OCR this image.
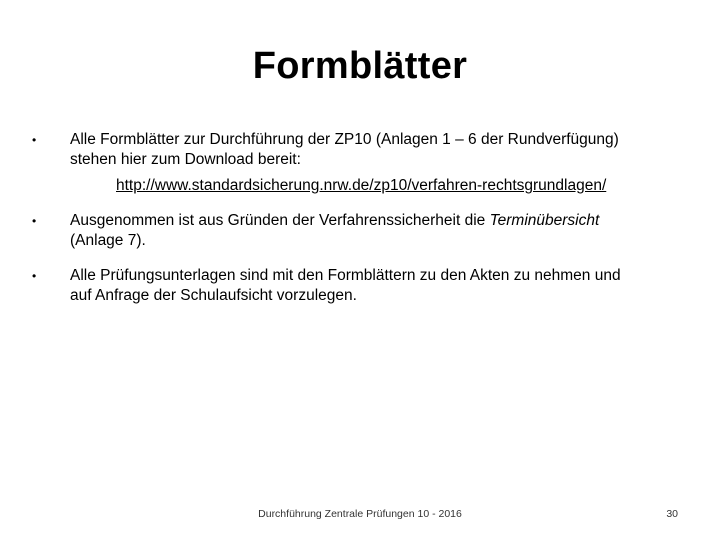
Formblätter
• Alle Formblätter zur Durchführung der ZP10 (Anlagen 1 – 6 der Rundverfügung)
stehen hier zum Download bereit:
http://www.standardsicherung.nrw.de/zp10/verfahren-rechtsgrundlagen/
• Ausgenommen ist aus Gründen der Verfahrenssicherheit die Terminübersicht
(Anlage 7).
• Alle Prüfungsunterlagen sind mit den Formblättern zu den Akten zu nehmen und
auf Anfrage der Schulaufsicht vorzulegen.
Durchführung Zentrale Prüfungen 10 - 2016	30
